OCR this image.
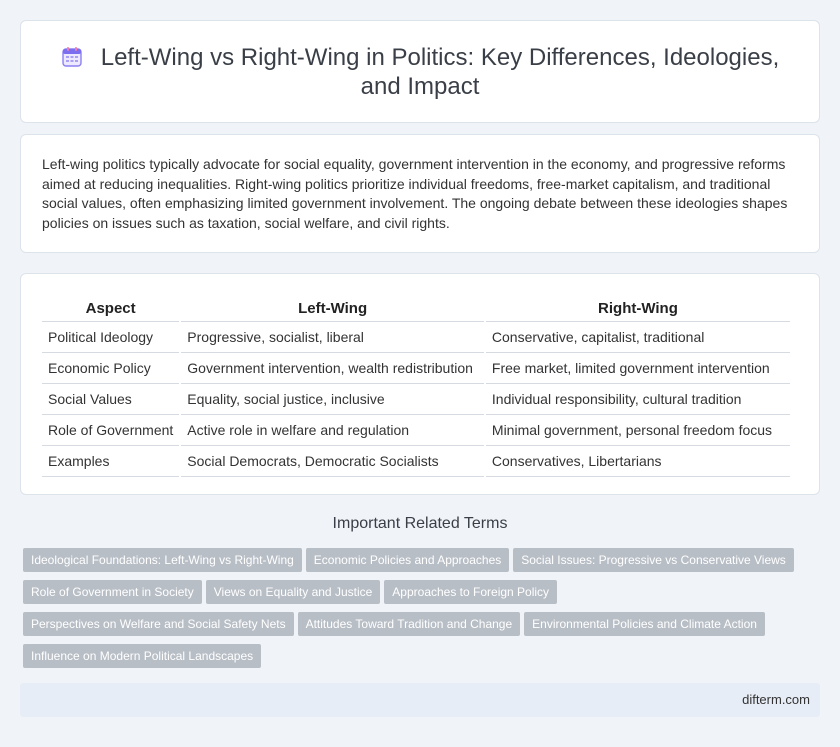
Left-Wing vs Right-Wing in Politics: Key Differences, Ideologies,
and Impact

Left-wing politics typically advocate for social equality, government intervention in the economy, and progressive reforms aimed at reducing inequalities. Right-wing politics prioritize individual freedoms, free-market capitalism, and traditional social values, often emphasizing limited government involvement. The ongoing debate between these ideologies shapes policies on issues such as taxation, social welfare, and civil rights.

Aspect	Left-Wing	Right-Wing
Political Ideology	Progressive, socialist, liberal	Conservative, capitalist, traditional
Economic Policy	Government intervention, wealth redistribution	Free market, limited government intervention
Social Values	Equality, social justice, inclusive	Individual responsibility, cultural tradition
Role of Government	Active role in welfare and regulation	Minimal government, personal freedom focus
Examples	Social Democrats, Democratic Socialists	Conservatives, Libertarians
Important Related Terms
Ideological Foundations: Left-Wing vs Right-Wing Economic Policies and Approaches Social Issues: Progressive vs Conservative ViewsRole of Government in Society Views on Equality and Justice Approaches to Foreign PolicyPerspectives on Welfare and Social Safety Nets Attitudes Toward Tradition and Change Environmental Policies and Climate ActionInfluence on Modern Political Landscapes
difterm.com
